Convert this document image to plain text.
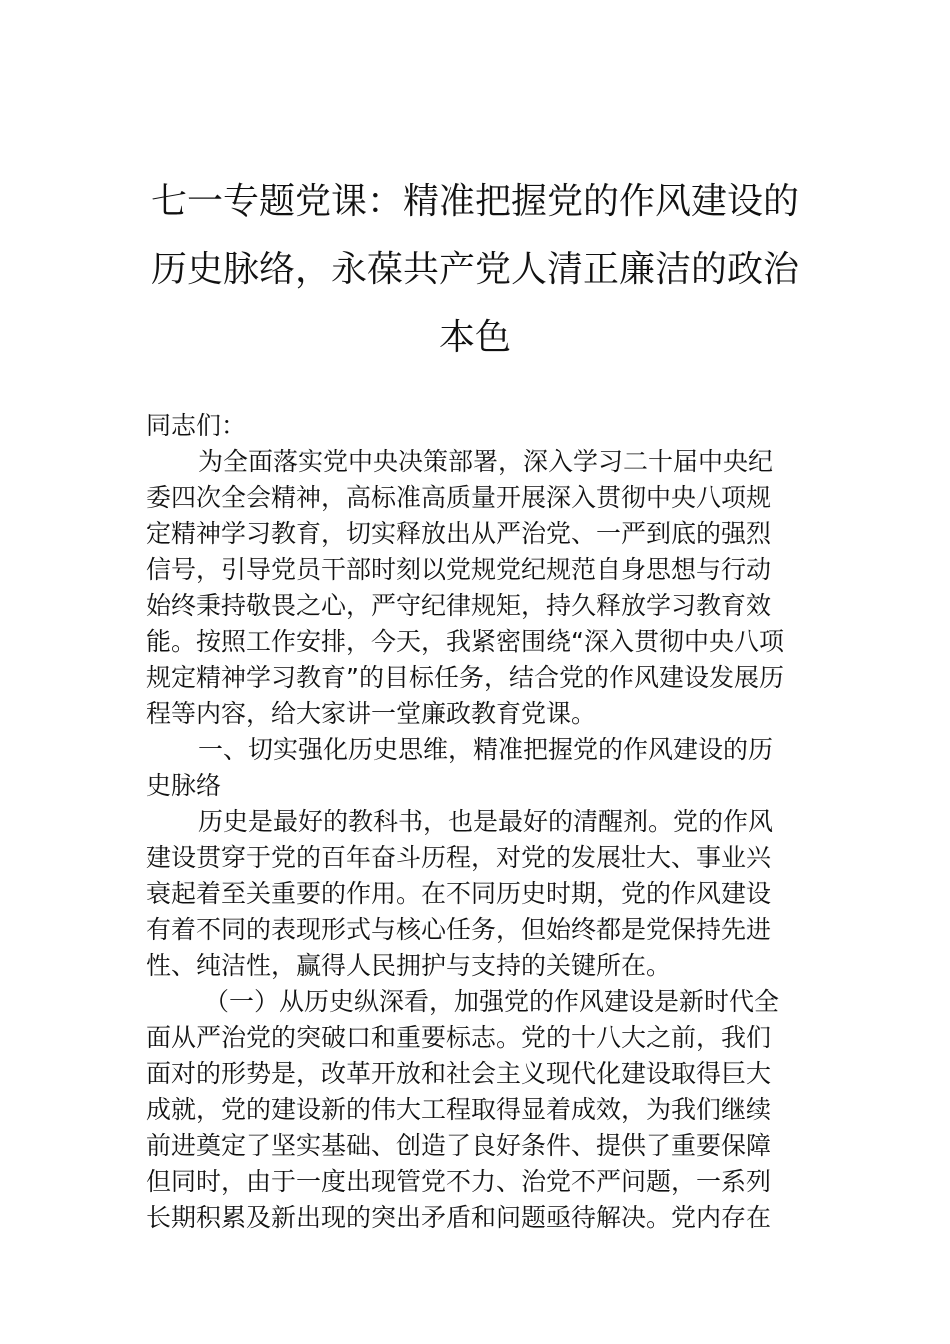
七一专题党课：精准把握党的作风建设的
历史脉络，永葆共产党人清正廉洁的政治
本色
同志们：
为全面落实党中央决策部署，深入学习二十届中央纪
委四次全会精神，高标准高质量开展深入贯彻中央八项规
定精神学习教育，切实释放出从严治党、一严到底的强烈
信号，引导党员干部时刻以党规党纪规范自身思想与行动
始终秉持敬畏之心，严守纪律规矩，持久释放学习教育效
能。按照工作安排，今天，我紧密围绕“深入贯彻中央八项
规定精神学习教育”的目标任务，结合党的作风建设发展历
程等内容，给大家讲一堂廉政教育党课。
一、切实强化历史思维，精准把握党的作风建设的历
史脉络
历史是最好的教科书，也是最好的清醒剂。党的作风
建设贯穿于党的百年奋斗历程，对党的发展壮大、事业兴
衰起着至关重要的作用。在不同历史时期，党的作风建设
有着不同的表现形式与核心任务，但始终都是党保持先进
性、纯洁性，赢得人民拥护与支持的关键所在。
（一）从历史纵深看，加强党的作风建设是新时代全
面从严治党的突破口和重要标志。党的十八大之前，我们
面对的形势是，改革开放和社会主义现代化建设取得巨大
成就，党的建设新的伟大工程取得显着成效，为我们继续
前进奠定了坚实基础、创造了良好条件、提供了重要保障
但同时，由于一度出现管党不力、治党不严问题，一系列
长期积累及新出现的突出矛盾和问题亟待解决。党内存在
